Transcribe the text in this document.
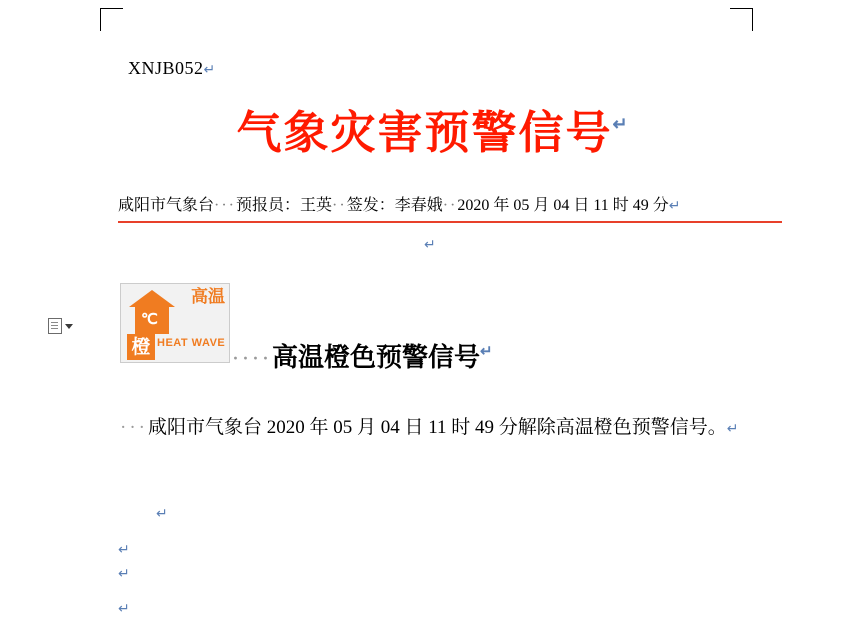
XNJB052↵
气象灾害预警信号↵
咸阳市气象台···预报员：王英··签发：李春娥··2020 年 05 月 04 日 11 时 49 分↵
↵
℃
高温
橙 HEAT WAVE
····高温橙色预警信号↵
···咸阳市气象台 2020 年 05 月 04 日 11 时 49 分解除高温橙色预警信号。↵
↵
↵
↵
↵
